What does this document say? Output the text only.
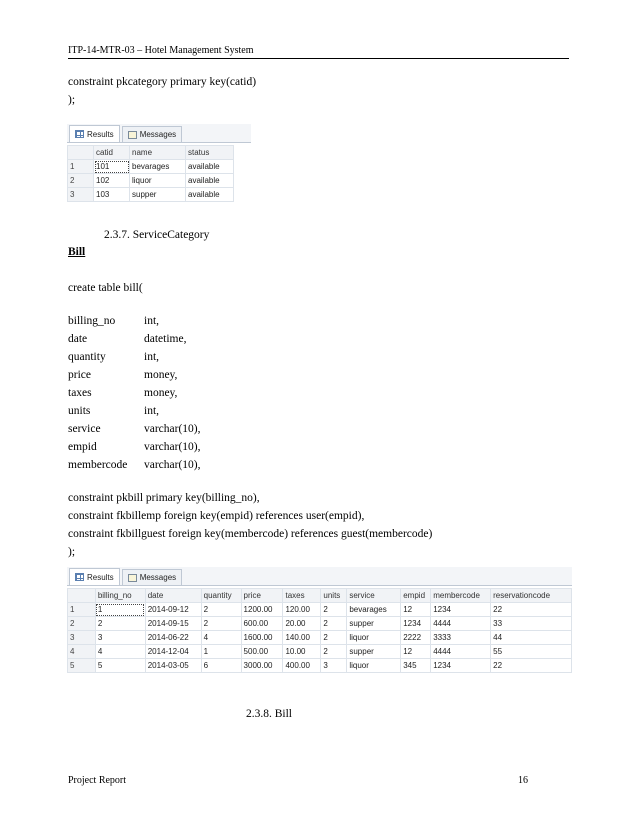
ITP-14-MTR-03 – Hotel Management System
constraint pkcategory primary key(catid)
);
Results	Messages
	catid	name	status
1	101	bevarages	available
2	102	liquor	available
3	103	supper	available
2.3.7. ServiceCategory
Bill
create table bill(
billing_no int,
date	datetime,
quantity	int,
price	money,
taxes	money,
units	int,
service	varchar(10),
empid	varchar(10),
membercode varchar(10),
constraint pkbill primary key(billing_no),
constraint fkbillemp foreign key(empid) references user(empid),
constraint fkbillguest foreign key(membercode) references guest(membercode)
);
Results	Messages
	billing_no	date	quantity	price	taxes	units	service	empid	membercode	reservationcode
1	1	2014-09-12	2	1200.00	120.00	2	bevarages	12	1234	22
2	2	2014-09-15	2	600.00	20.00	2	supper	1234	4444	33
3	3	2014-06-22	4	1600.00	140.00	2	liquor	2222	3333	44
4	4	2014-12-04	1	500.00	10.00	2	supper	12	4444	55
5	5	2014-03-05	6	3000.00	400.00	3	liquor	345	1234	22
2.3.8. Bill
Project Report	16
